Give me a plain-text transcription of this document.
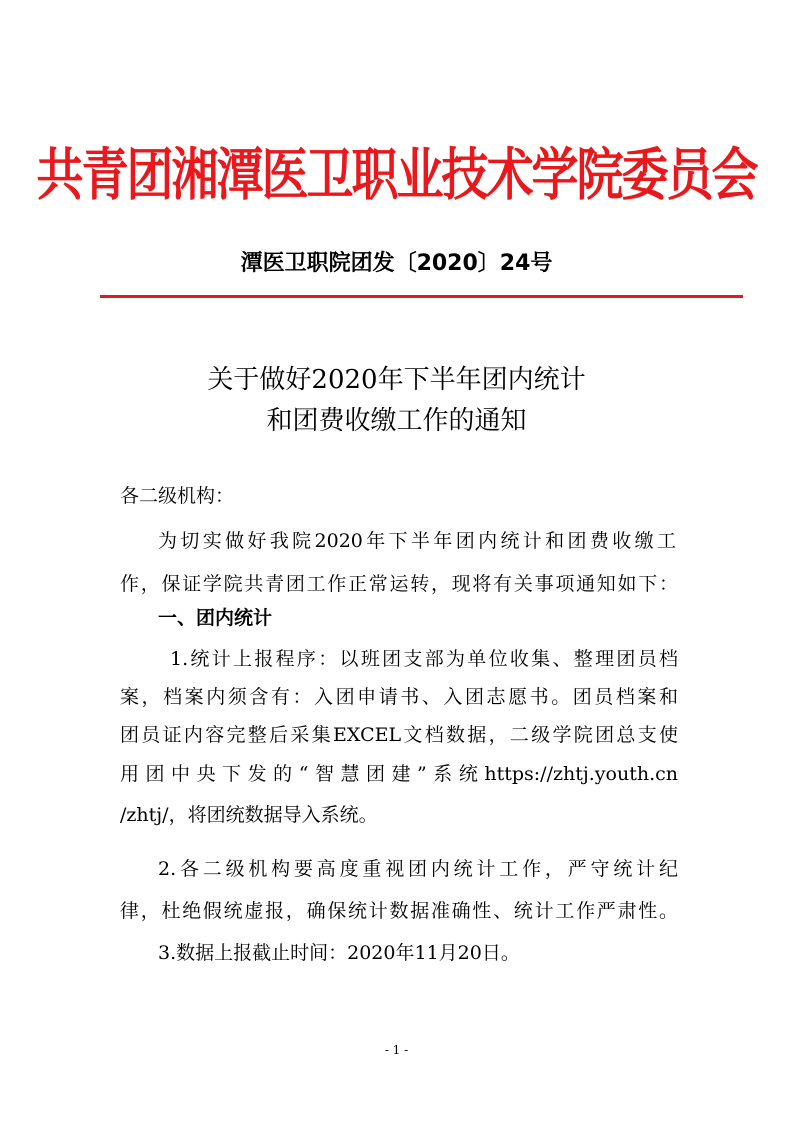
共青团湘潭医卫职业技术学院委员会
潭医卫职院团发〔2020〕24号
关于做好2020年下半年团内统计
和团费收缴工作的通知
各二级机构：
为切实做好我院2020年下半年团内统计和团费收缴工
作，保证学院共青团工作正常运转，现将有关事项通知如下：
一、团内统计
1.统计上报程序：以班团支部为单位收集、整理团员档
案，档案内须含有：入团申请书、入团志愿书。团员档案和
团员证内容完整后采集EXCEL文档数据，二级学院团总支使
用团中央下发的“智慧团建”系统https://zhtj.youth.cn
/zhtj/，将团统数据导入系统。
2.各二级机构要高度重视团内统计工作，严守统计纪
律，杜绝假统虚报，确保统计数据准确性、统计工作严肃性。
3.数据上报截止时间：2020年11月20日。
- 1 -
